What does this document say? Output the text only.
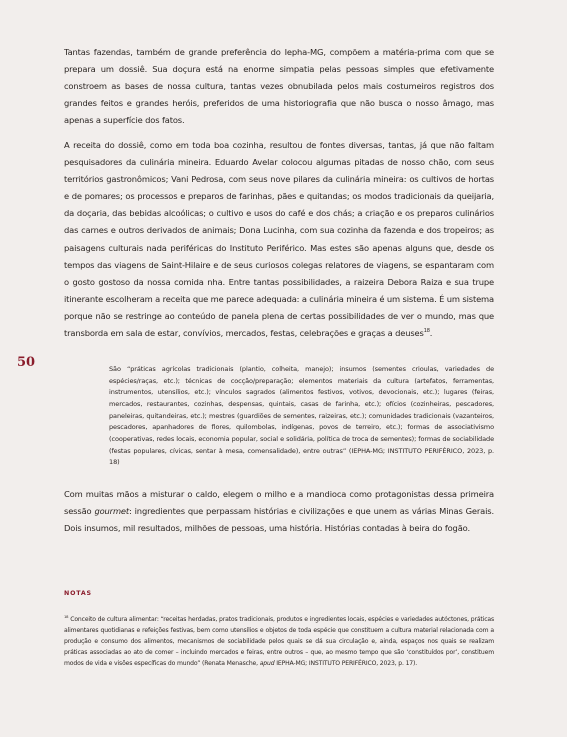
Tantas fazendas, também de grande preferência do Iepha-MG, compõem a matéria-prima com que se prepara um dossiê. Sua doçura está na enorme simpatia pelas pessoas simples que efetivamente constroem as bases de nossa cultura, tantas vezes obnubilada pelos mais costumeiros registros dos grandes feitos e grandes heróis, preferidos de uma historiografia que não busca o nosso âmago, mas apenas a superfície dos fatos.

A receita do dossiê, como em toda boa cozinha, resultou de fontes diversas, tantas, já que não faltam pesquisadores da culinária mineira. Eduardo Avelar colocou algumas pitadas de nosso chão, com seus territórios gastronômicos; Vani Pedrosa, com seus nove pilares da culinária mineira: os cultivos de hortas e de pomares; os processos e preparos de farinhas, pães e quitandas; os modos tradicionais da queijaria, da doçaria, das bebidas alcoólicas; o cultivo e usos do café e dos chás; a criação e os preparos culinários das carnes e outros derivados de animais; Dona Lucinha, com sua cozinha da fazenda e dos tropeiros; as paisagens culturais nada periféricas do Instituto Periférico. Mas estes são apenas alguns que, desde os tempos das viagens de Saint-Hilaire e de seus curiosos colegas relatores de viagens, se espantaram com o gosto gostoso da nossa comida nha. Entre tantas possibilidades, a raizeira Debora Raiza e sua trupe itinerante escolheram a receita que me parece adequada: a culinária mineira é um sistema. É um sistema porque não se restringe ao conteúdo de panela plena de certas possibilidades de ver o mundo, mas que transborda em sala de estar, convívios, mercados, festas, celebrações e graças a deuses$^{18}$.

50	São “práticas agrícolas tradicionais (plantio, colheita, manejo); insumos (sementes crioulas, variedades de espécies/raças, etc.); técnicas de cocção/preparação; elementos materiais da cultura (artefatos, ferramentas, instrumentos, utensílios, etc.); vínculos sagrados (alimentos festivos, votivos, devocionais, etc.); lugares (feiras, mercados, restaurantes, cozinhas, despensas, quintais, casas de farinha, etc.); ofícios (cozinheiras, pescadores, paneleiras, quitandeiras, etc.); mestres (guardiões de sementes, raizeiras, etc.); comunidades tradicionais (vazanteiros, pescadores, apanhadores de flores, quilombolas, indígenas, povos de terreiro, etc.); formas de associativismo (cooperativas, redes locais, economia popular, social e solidária, política de troca de sementes); formas de sociabilidade (festas populares, cívicas, sentar à mesa, comensalidade), entre outras” (IEPHA-MG; INSTITUTO PERIFÉRICO, 2023, p. 18)

Com muitas mãos a misturar o caldo, elegem o milho e a mandioca como protagonistas dessa primeira sessão gourmet: ingredientes que perpassam histórias e civilizações e que unem as várias Minas Gerais. Dois insumos, mil resultados, milhões de pessoas, uma história. Histórias contadas à beira do fogão.

NOTAS

$^{18}$ Conceito de cultura alimentar: “receitas herdadas, pratos tradicionais, produtos e ingredientes locais, espécies e variedades autóctones, práticas alimentares quotidianas e refeições festivas, bem como utensílios e objetos de toda espécie que constituem a cultura material relacionada com a produção e consumo dos alimentos, mecanismos de sociabilidade pelos quais se dá sua circulação e, ainda, espaços nos quais se realizam práticas associadas ao ato de comer – incluindo mercados e feiras, entre outros – que, ao mesmo tempo que são ‘constituídos por’, constituem modos de vida e visões específicas do mundo” (Renata Menasche, apud IEPHA-MG; INSTITUTO PERIFÉRICO, 2023, p. 17).
